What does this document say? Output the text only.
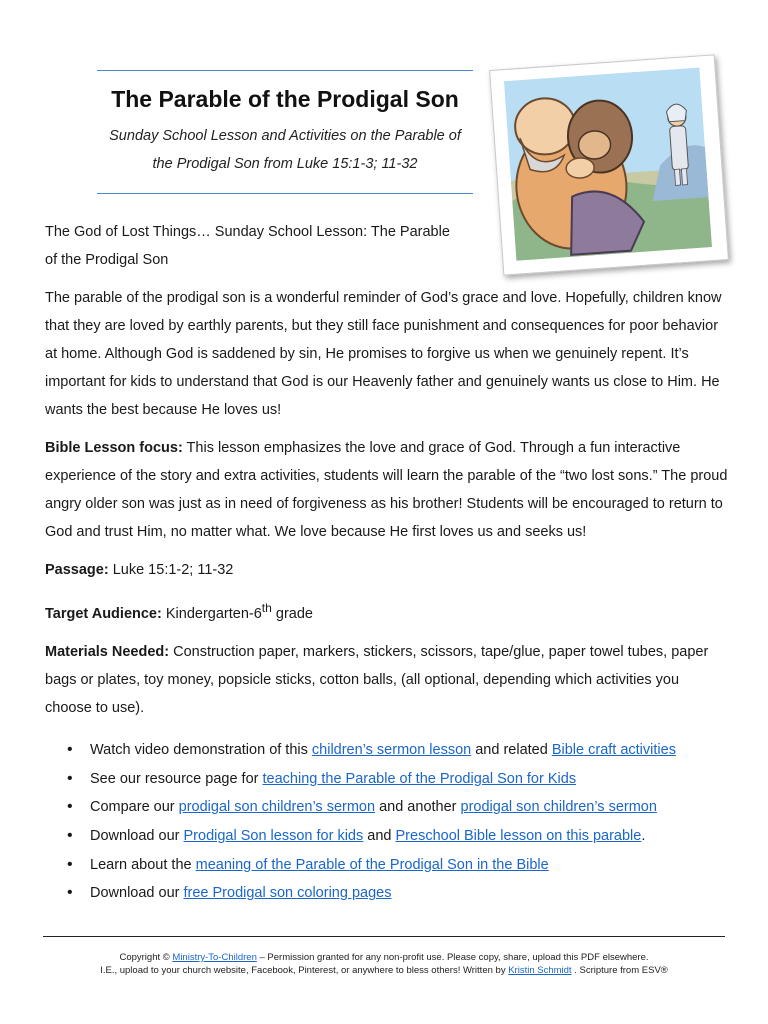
The Parable of the Prodigal Son

Sunday School Lesson and Activities on the Parable of
the Prodigal Son from Luke 15:1-3; 11-32

The God of Lost Things… Sunday School Lesson: The Parable
of the Prodigal Son

The parable of the prodigal son is a wonderful reminder of God’s grace and love. Hopefully, children know that they are loved by earthly parents, but they still face punishment and consequences for poor behavior at home. Although God is saddened by sin, He promises to forgive us when we genuinely repent. It’s important for kids to understand that God is our Heavenly father and genuinely wants us close to Him. He wants the best because He loves us!

Bible Lesson focus: This lesson emphasizes the love and grace of God. Through a fun interactive experience of the story and extra activities, students will learn the parable of the “two lost sons.” The proud angry older son was just as in need of forgiveness as his brother! Students will be encouraged to return to God and trust Him, no matter what. We love because He first loves us and seeks us!

Passage: Luke 15:1-2; 11-32

Target Audience: Kindergarten-6th grade

Materials Needed: Construction paper, markers, stickers, scissors, tape/glue, paper towel tubes, paper bags or plates, toy money, popsicle sticks, cotton balls, (all optional, depending which activities you choose to use).

• Watch video demonstration of this children’s sermon lesson and related Bible craft activities
• See our resource page for teaching the Parable of the Prodigal Son for Kids
• Compare our prodigal son children’s sermon and another prodigal son children’s sermon
• Download our Prodigal Son lesson for kids and Preschool Bible lesson on this parable.
• Learn about the meaning of the Parable of the Prodigal Son in the Bible
• Download our free Prodigal son coloring pages
Copyright © Ministry-To-Children – Permission granted for any non-profit use. Please copy, share, upload this PDF elsewhere.
I.E., upload to your church website, Facebook, Pinterest, or anywhere to bless others! Written by Kristin Schmidt . Scripture from ESV®
